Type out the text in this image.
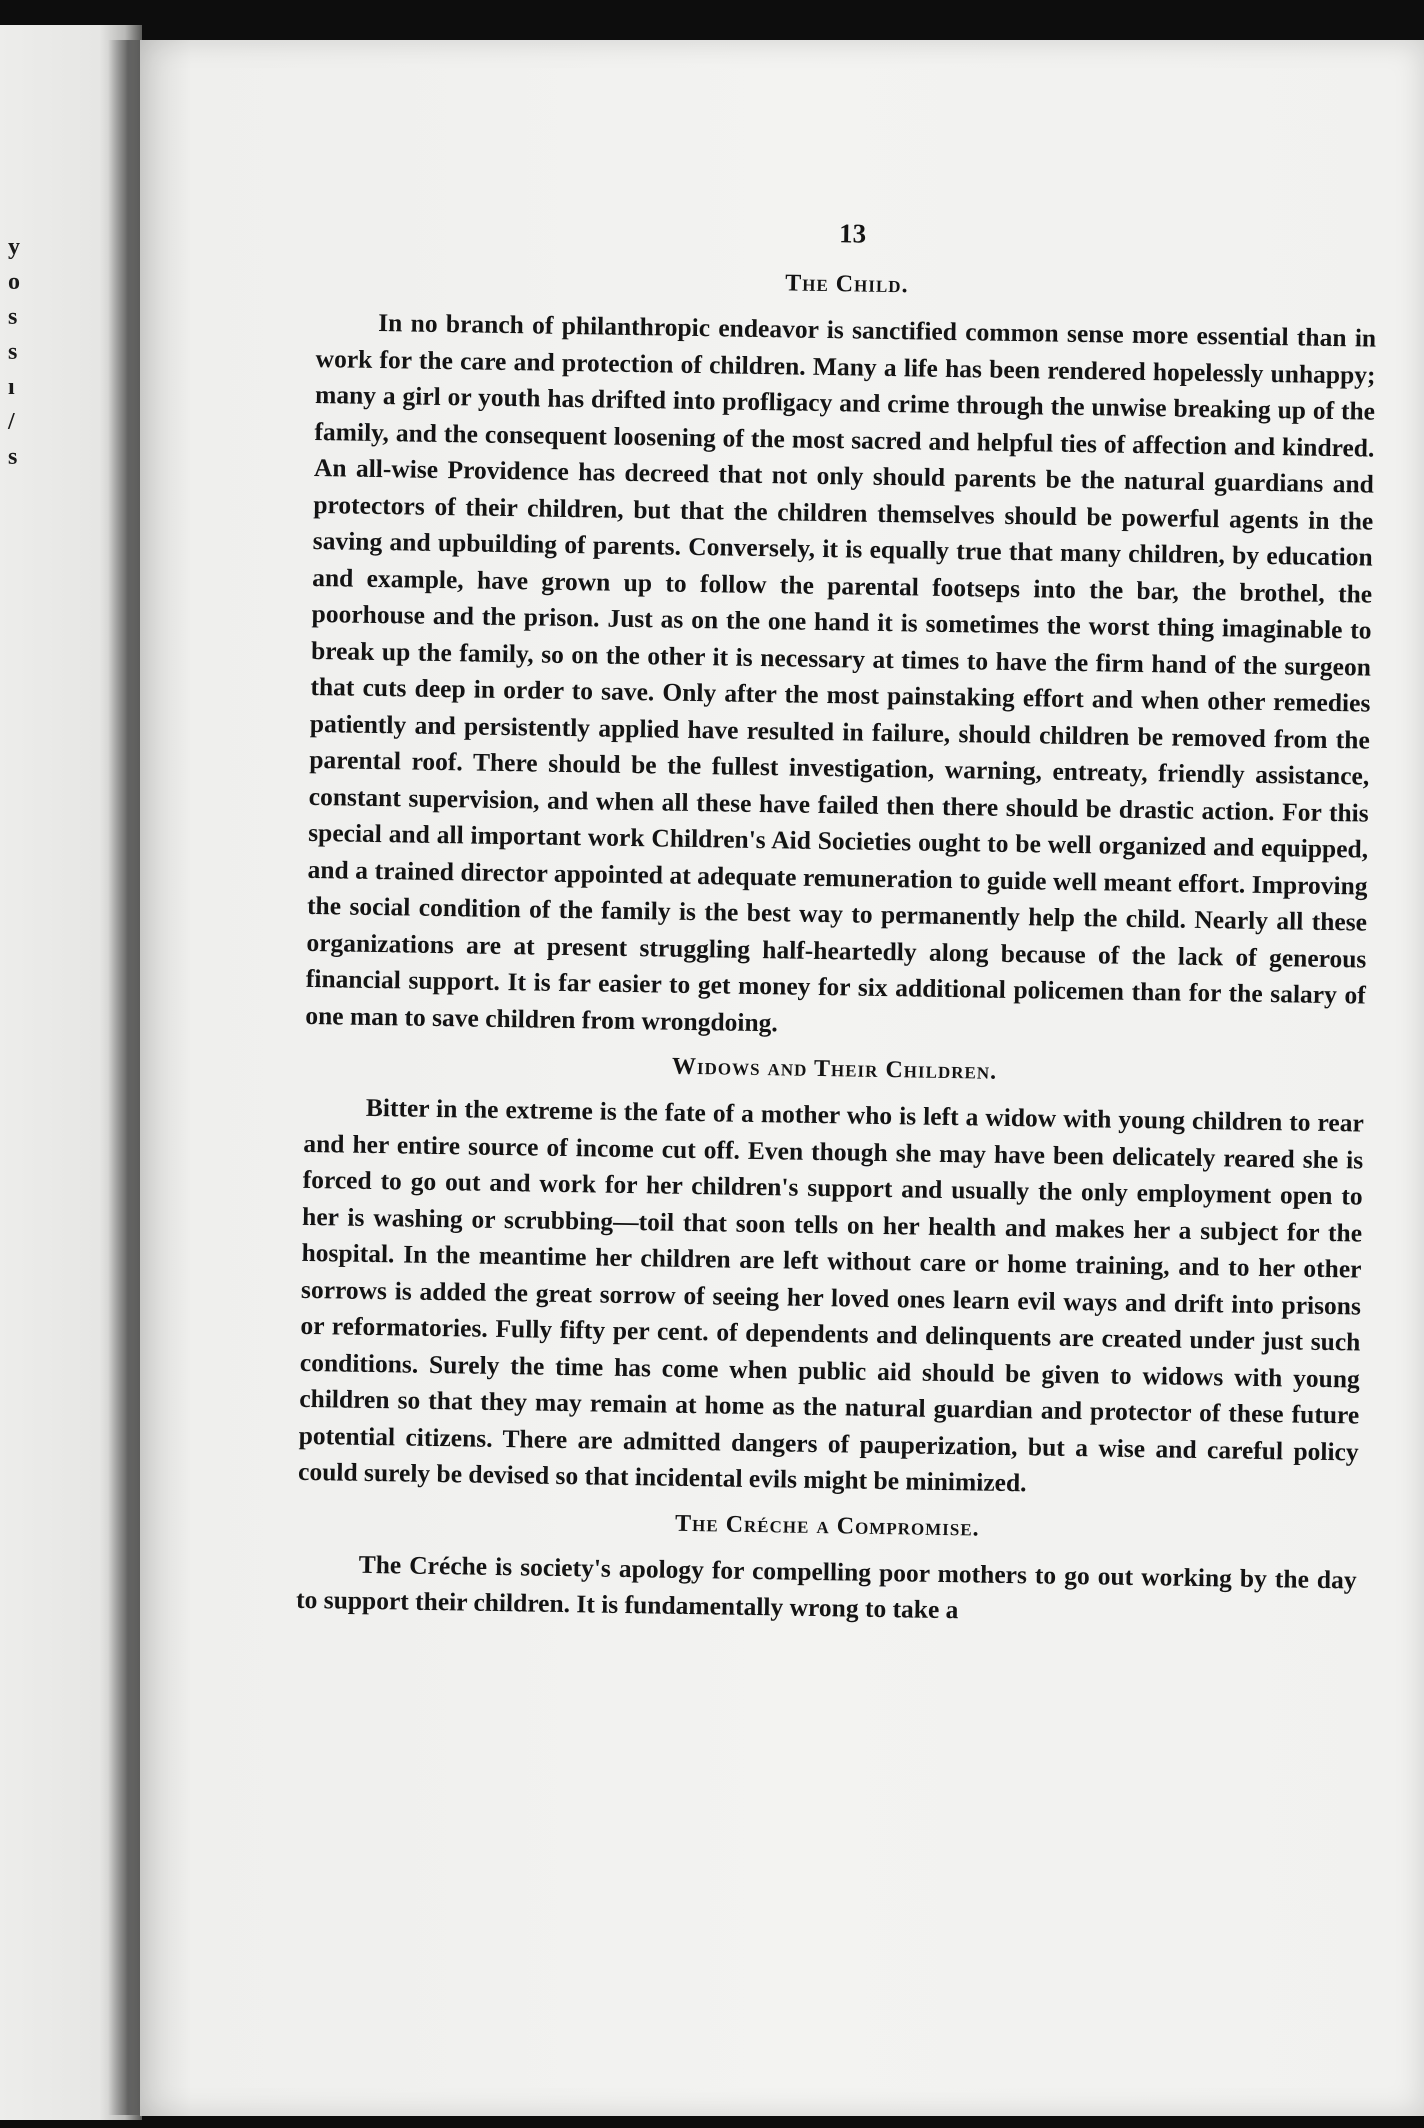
y
o
s
s
ı
/
s
13
The Child.

In no branch of philanthropic endeavor is sanctified common sense more essential than in work for the care and protection of children. Many a life has been rendered hopelessly unhappy; many a girl or youth has drifted into profligacy and crime through the unwise breaking up of the family, and the consequent loosening of the most sacred and helpful ties of affection and kindred. An all-wise Providence has decreed that not only should parents be the natural guardians and protectors of their children, but that the children themselves should be powerful agents in the saving and upbuilding of parents. Conversely, it is equally true that many children, by education and example, have grown up to follow the parental footseps into the bar, the brothel, the poorhouse and the prison. Just as on the one hand it is sometimes the worst thing imaginable to break up the family, so on the other it is necessary at times to have the firm hand of the surgeon that cuts deep in order to save. Only after the most painstaking effort and when other remedies patiently and persistently applied have resulted in failure, should children be removed from the parental roof. There should be the fullest investigation, warning, entreaty, friendly assistance, constant supervision, and when all these have failed then there should be drastic action. For this special and all important work Children's Aid Societies ought to be well organized and equipped, and a trained director appointed at adequate remuneration to guide well meant effort. Improving the social condition of the family is the best way to permanently help the child. Nearly all these organizations are at present struggling half-heartedly along because of the lack of generous financial support. It is far easier to get money for six additional policemen than for the salary of one man to save children from wrongdoing.

Widows and Their Children.

Bitter in the extreme is the fate of a mother who is left a widow with young children to rear and her entire source of income cut off. Even though she may have been delicately reared she is forced to go out and work for her children's support and usually the only employment open to her is washing or scrubbing—toil that soon tells on her health and makes her a subject for the hospital. In the meantime her children are left without care or home training, and to her other sorrows is added the great sorrow of seeing her loved ones learn evil ways and drift into prisons or reformatories. Fully fifty per cent. of dependents and delinquents are created under just such conditions. Surely the time has come when public aid should be given to widows with young children so that they may remain at home as the natural guardian and protector of these future potential citizens. There are admitted dangers of pauperization, but a wise and careful policy could surely be devised so that incidental evils might be minimized.

The Créche a Compromise.

The Créche is society's apology for compelling poor mothers to go out working by the day to support their children. It is fundamentally wrong to take a
